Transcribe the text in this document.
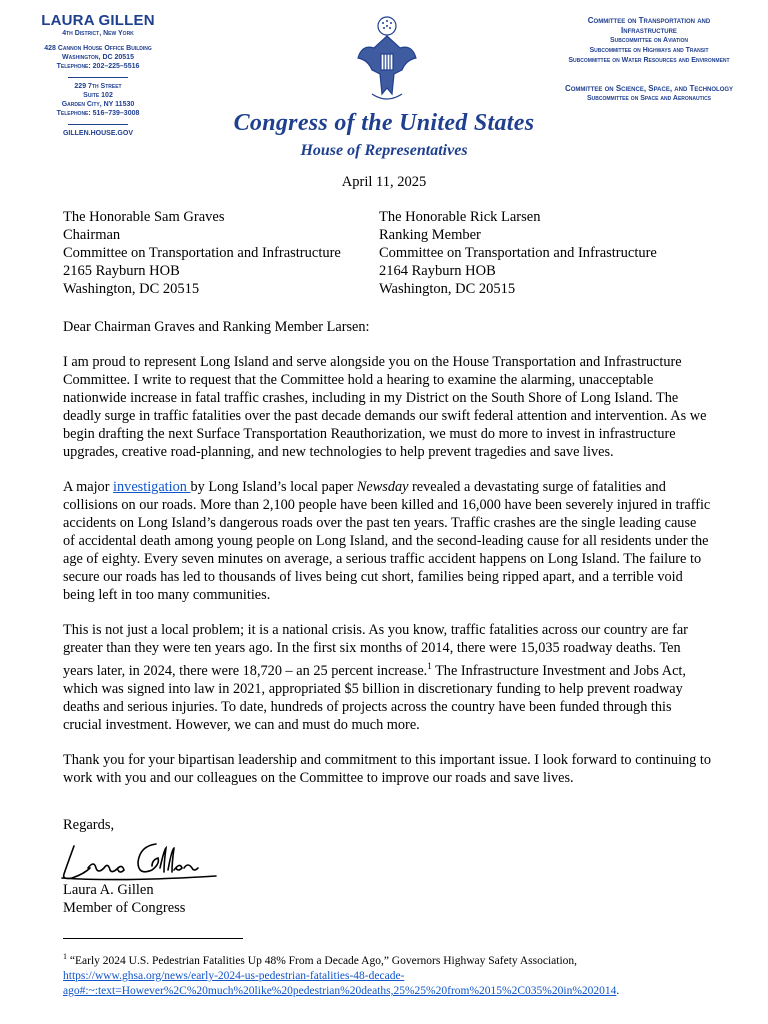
LAURA GILLEN
4th District, New York
428 Cannon House Office Building
Washington, DC 20515
Telephone: 202–225–5516
229 7th Street
Suite 102
Garden City, NY 11530
Telephone: 516–739–3008
GILLEN.HOUSE.GOV	Congress of the United States
House of Representatives
Committee on Transportation and Infrastructure
Subcommittee on Aviation
Subcommittee on Highways and Transit
Subcommittee on Water Resources and Environment
Committee on Science, Space, and Technology
Subcommittee on Space and Aeronautics
April 11, 2025
The Honorable Sam Graves
Chairman
Committee on Transportation and Infrastructure
2165 Rayburn HOB
Washington, DC 20515
The Honorable Rick Larsen
Ranking Member
Committee on Transportation and Infrastructure
2164 Rayburn HOB
Washington, DC 20515

Dear Chairman Graves and Ranking Member Larsen:

I am proud to represent Long Island and serve alongside you on the House Transportation and Infrastructure Committee. I write to request that the Committee hold a hearing to examine the alarming, unacceptable nationwide increase in fatal traffic crashes, including in my District on the South Shore of Long Island. The deadly surge in traffic fatalities over the past decade demands our swift federal attention and intervention. As we begin drafting the next Surface Transportation Reauthorization, we must do more to invest in infrastructure upgrades, creative road-planning, and new technologies to help prevent tragedies and save lives.

A major investigation by Long Island’s local paper Newsday revealed a devastating surge of fatalities and collisions on our roads. More than 2,100 people have been killed and 16,000 have been severely injured in traffic accidents on Long Island’s dangerous roads over the past ten years. Traffic crashes are the single leading cause of accidental death among young people on Long Island, and the second-leading cause for all residents under the age of eighty. Every seven minutes on average, a serious traffic accident happens on Long Island. The failure to secure our roads has led to thousands of lives being cut short, families being ripped apart, and a terrible void being left in too many communities.

This is not just a local problem; it is a national crisis. As you know, traffic fatalities across our country are far greater than they were ten years ago. In the first six months of 2014, there were 15,035 roadway deaths. Ten years later, in 2024, there were 18,720 – an 25 percent increase.$^1$ The Infrastructure Investment and Jobs Act, which was signed into law in 2021, appropriated $5 billion in discretionary funding to help prevent roadway deaths and serious injuries. To date, hundreds of projects across the country have been funded through this crucial investment. However, we can and must do much more.

Thank you for your bipartisan leadership and commitment to this important issue. I look forward to continuing to work with you and our colleagues on the Committee to improve our roads and save lives.

Regards,
Laura A. Gillen
Member of Congress
$^1$ “Early 2024 U.S. Pedestrian Fatalities Up 48% From a Decade Ago,” Governors Highway Safety Association,
https://www.ghsa.org/news/early-2024-us-pedestrian-fatalities-48-decade-
ago#:~:text=However%2C%20much%20like%20pedestrian%20deaths,25%25%20from%2015%2C035%20in%202014.
